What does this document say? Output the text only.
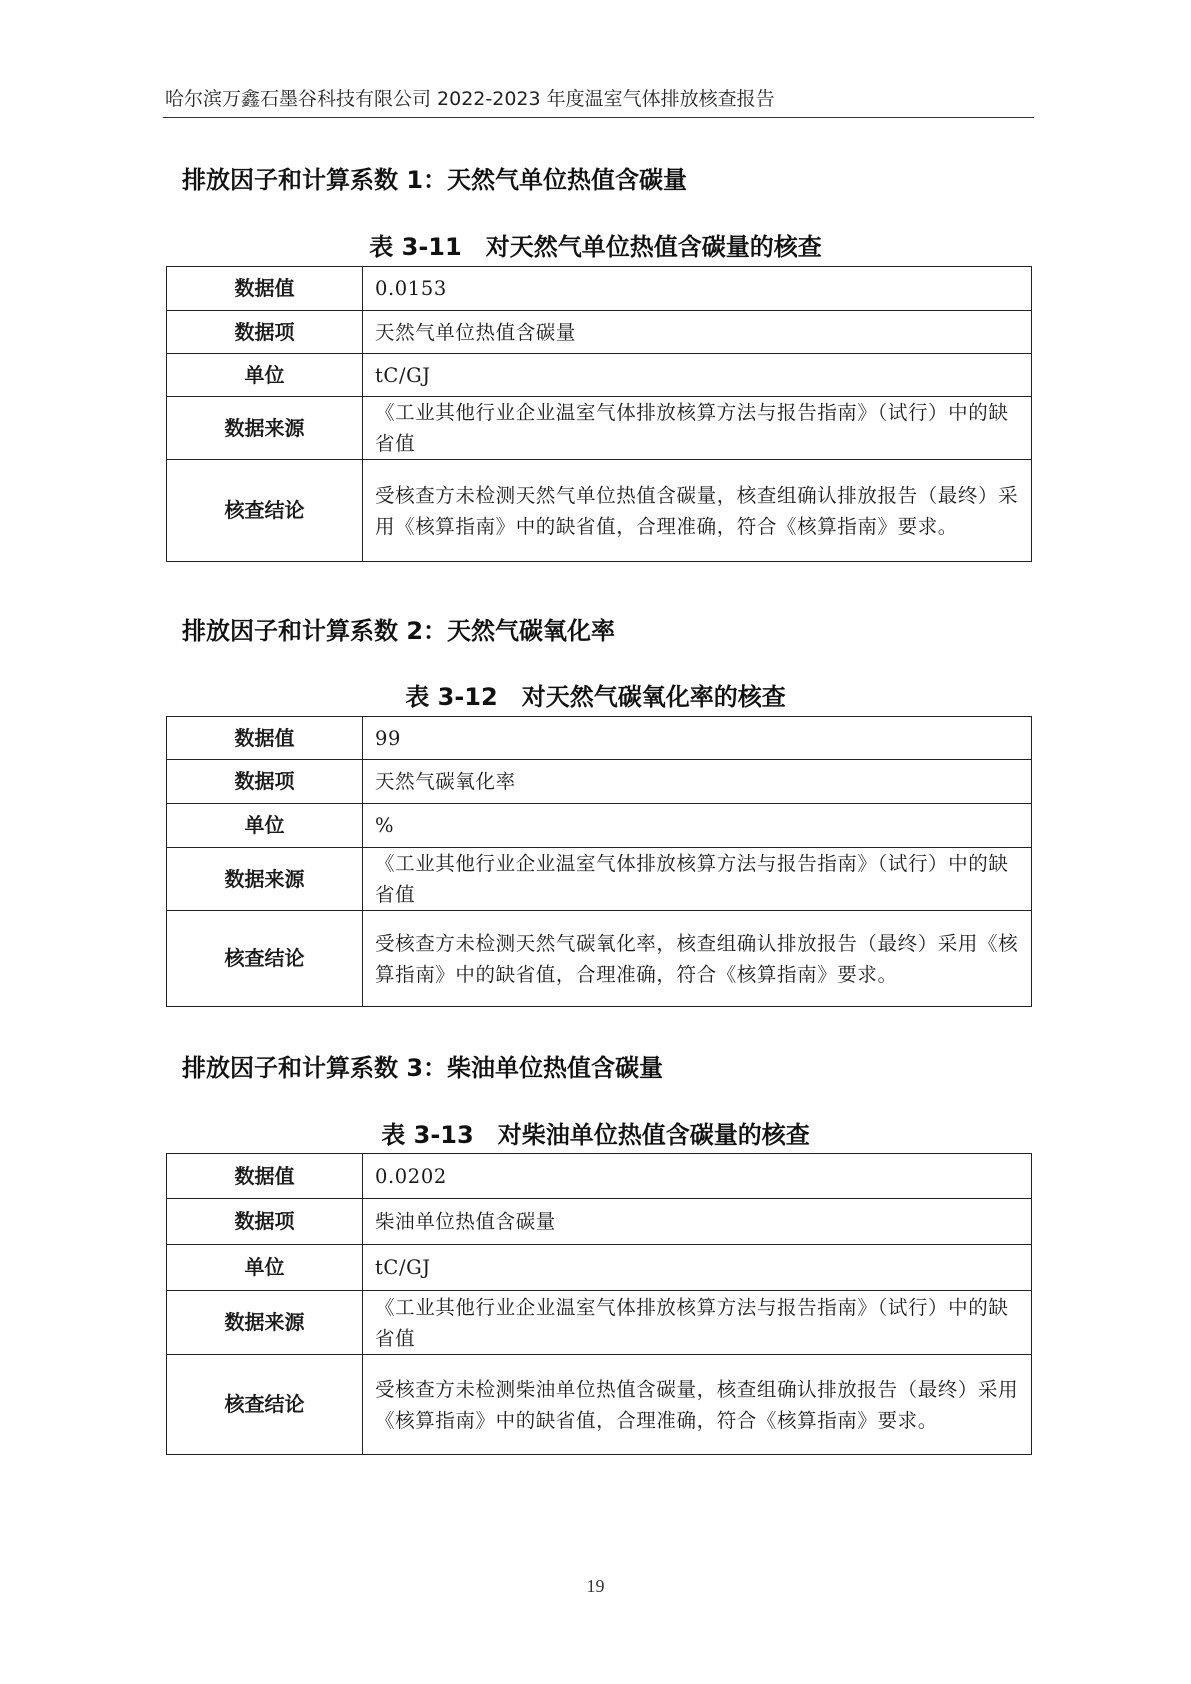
哈尔滨万鑫石墨谷科技有限公司 2022-2023 年度温室气体排放核查报告
排放因子和计算系数 1：天然气单位热值含碳量
表 3-11　对天然气单位热值含碳量的核查
数据值	0.0153
数据项	天然气单位热值含碳量
单位	tC/GJ
数据来源	《工业其他行业企业温室气体排放核算方法与报告指南》（试行）中的缺省值
核查结论	受核查方未检测天然气单位热值含碳量，核查组确认排放报告（最终）采用《核算指南》中的缺省值，合理准确，符合《核算指南》要求。
排放因子和计算系数 2：天然气碳氧化率
表 3-12　对天然气碳氧化率的核查
数据值	99
数据项	天然气碳氧化率
单位	%
数据来源	《工业其他行业企业温室气体排放核算方法与报告指南》（试行）中的缺省值
核查结论	受核查方未检测天然气碳氧化率，核查组确认排放报告（最终）采用《核算指南》中的缺省值，合理准确，符合《核算指南》要求。
排放因子和计算系数 3：柴油单位热值含碳量
表 3-13　对柴油单位热值含碳量的核查
数据值	0.0202
数据项	柴油单位热值含碳量
单位	tC/GJ
数据来源	《工业其他行业企业温室气体排放核算方法与报告指南》（试行）中的缺省值
核查结论	受核查方未检测柴油单位热值含碳量，核查组确认排放报告（最终）采用《核算指南》中的缺省值，合理准确，符合《核算指南》要求。
19
